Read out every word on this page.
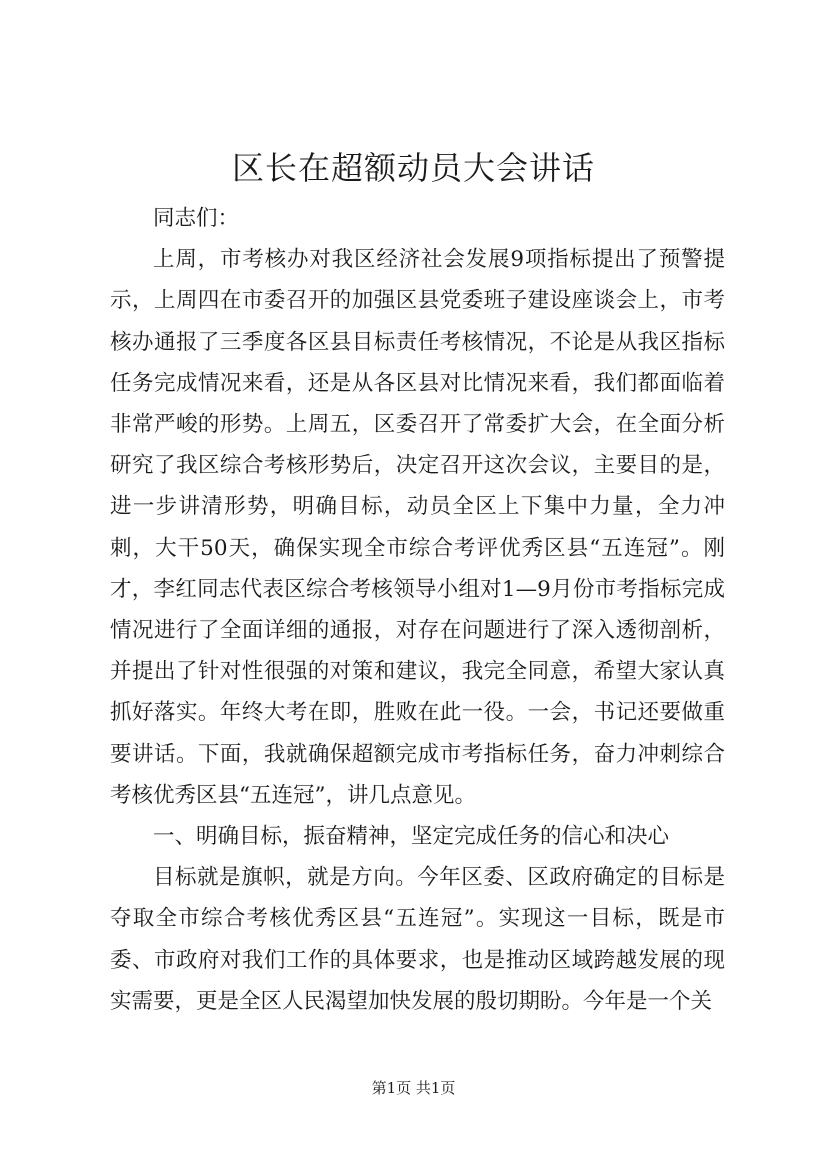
区长在超额动员大会讲话

同志们：

上周，市考核办对我区经济社会发展9项指标提出了预警提示，上周四在市委召开的加强区县党委班子建设座谈会上，市考核办通报了三季度各区县目标责任考核情况，不论是从我区指标任务完成情况来看，还是从各区县对比情况来看，我们都面临着非常严峻的形势。上周五，区委召开了常委扩大会，在全面分析研究了我区综合考核形势后，决定召开这次会议，主要目的是，进一步讲清形势，明确目标，动员全区上下集中力量，全力冲刺，大干50天，确保实现全市综合考评优秀区县“五连冠”。刚才，李红同志代表区综合考核领导小组对1—9月份市考指标完成情况进行了全面详细的通报，对存在问题进行了深入透彻剖析，并提出了针对性很强的对策和建议，我完全同意，希望大家认真抓好落实。年终大考在即，胜败在此一役。一会，书记还要做重要讲话。下面，我就确保超额完成市考指标任务，奋力冲刺综合考核优秀区县“五连冠”，讲几点意见。

一、明确目标，振奋精神，坚定完成任务的信心和决心

目标就是旗帜，就是方向。今年区委、区政府确定的目标是夺取全市综合考核优秀区县“五连冠”。实现这一目标，既是市委、市政府对我们工作的具体要求，也是推动区域跨越发展的现实需要，更是全区人民渴望加快发展的殷切期盼。今年是一个关

第1页 共1页
